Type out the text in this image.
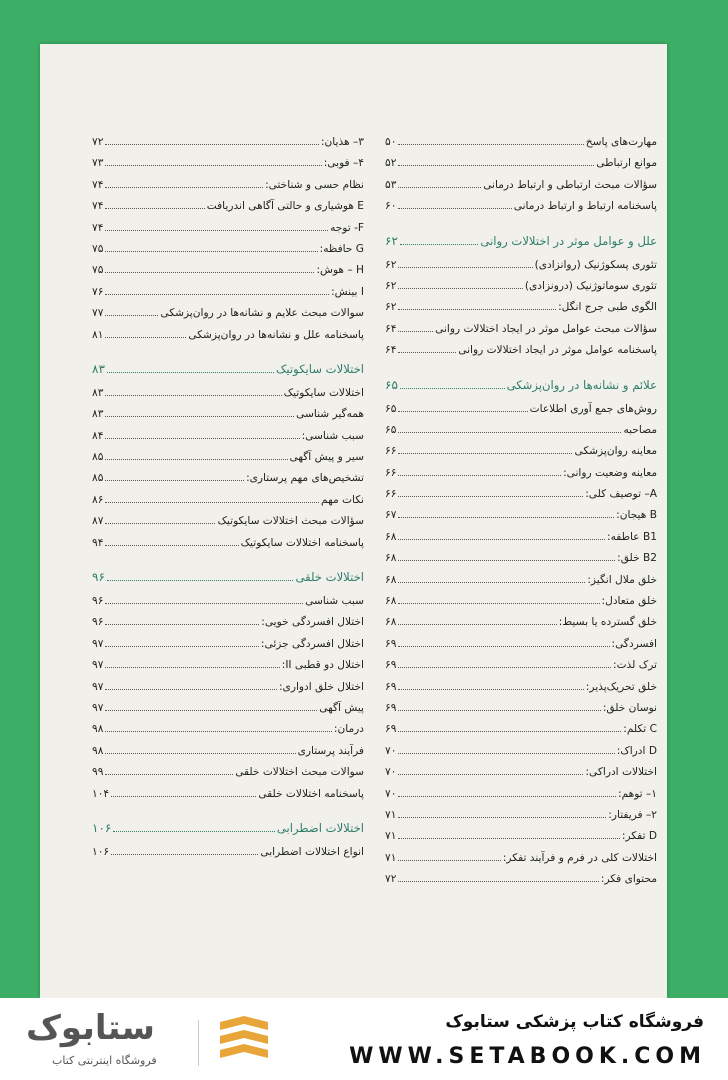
مهارت‌های پاسخ
۵۰
موانع ارتباطی
۵۲
سؤالات مبحث ارتباطی و ارتباط درمانی
۵۳
پاسخنامه ارتباط و ارتباط درمانی
۶۰
علل و عوامل موثر در اختلالات روانی
۶۲
تئوری پسکوژنیک (روانزادی)
۶۲
تئوری سوماتوژنیک (درونزادی)
۶۲
الگوی طبی جرج انگل:
۶۲
سؤالات مبحث عوامل موثر در ایجاد اختلالات روانی
۶۴
پاسخنامه عوامل موثر در ایجاد اختلالات روانی
۶۴
علائم و نشانه‌ها در روان‌پزشکی
۶۵
روش‌های جمع آوری اطلاعات
۶۵
مصاحبه
۶۵
معاینه روان‌پزشکی
۶۶
معاینه وضعیت روانی:
۶۶
A– توصیف کلی:
۶۶
B هیجان:
۶۷
B1 عاطفه:
۶۸
B2 خلق:
۶۸
خلق ملال انگیز:
۶۸
خلق متعادل:
۶۸
خلق گسترده یا بسیط:
۶۸
افسردگی:
۶۹
ترک لذت:
۶۹
خلق تحریک‌پذیر:
۶۹
نوسان خلق:
۶۹
C تکلم:
۶۹
D ادراک:
۷۰
اختلالات ادراکی:
۷۰
۱– توهم:
۷۰
۲– فریفتار:
۷۱
D تفکر:
۷۱
اختلالات کلی در فرم و فرآیند تفکر:
۷۱
محتوای فکر:
۷۲
۳– هذیان:
۷۲
۴– فوبی:
۷۳
نظام حسی و شناختی:
۷۴
E هوشیاری و حالتی آگاهی اندریافت
۷۴
F- توجه
۷۴
G حافظه:
۷۵
H – هوش:
۷۵
I بینش:
۷۶
سوالات مبحث علایم و نشانه‌ها در روان‌پزشکی
۷۷
پاسخنامه علل و نشانه‌ها در روان‌پزشکی
۸۱
اختلالات سایکوتیک
۸۳
اختلالات سایکوتیک
۸۳
همه‌گیر شناسی
۸۳
سبب شناسی:
۸۴
سیر و پیش آگهی
۸۵
تشخیص‌های مهم پرستاری:
۸۵
نکات مهم
۸۶
سؤالات مبحث اختلالات سایکوتیک
۸۷
پاسخنامه اختلالات سایکوتیک
۹۴
اختلالات خلقی
۹۶
سبب شناسی
۹۶
اختلال افسردگی خویی:
۹۶
اختلال افسردگی جزئی:
۹۷
اختلال دو قطبی II:
۹۷
اختلال خلق ادواری:
۹۷
پیش آگهی
۹۷
درمان:
۹۸
فرآیند پرستاری
۹۸
سوالات مبحث اختلالات خلقی
۹۹
پاسخنامه اختلالات خلقی
۱۰۴
اختلالات اضطرابی
۱۰۶
انواع اختلالات اضطرابی
۱۰۶
ستابوک
فروشگاه اینترنتی کتاب
فروشگاه کتاب پزشکی ستابوک
WWW.SETABOOK.COM
